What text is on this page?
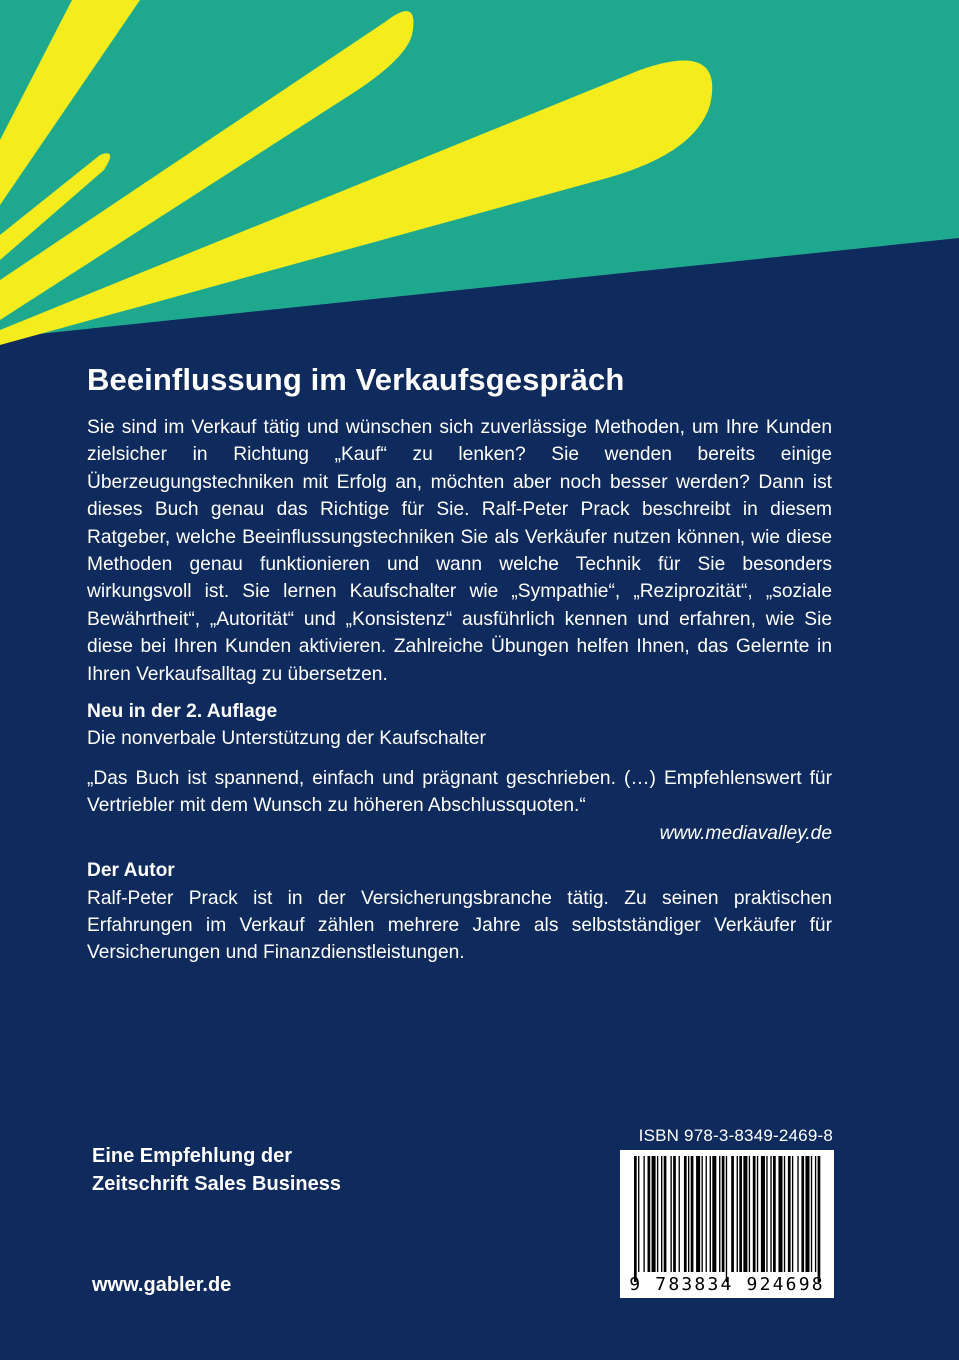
Beeinflussung im Verkaufsgespräch

Sie sind im Verkauf tätig und wünschen sich zuverlässige Methoden, um Ihre Kunden zielsicher in Richtung „Kauf“ zu lenken? Sie wenden bereits einige Überzeugungstechniken mit Erfolg an, möchten aber noch besser werden? Dann ist dieses Buch genau das Richtige für Sie. Ralf-Peter Prack beschreibt in diesem Ratgeber, welche Beeinflussungstechniken Sie als Verkäufer nutzen können, wie diese Methoden genau funktionieren und wann welche Technik für Sie besonders wirkungsvoll ist. Sie lernen Kaufschalter wie „Sympathie“, „Reziprozität“, „soziale Bewährtheit“, „Autorität“ und „Konsistenz“ ausführlich kennen und erfahren, wie Sie diese bei Ihren Kunden aktivieren. Zahlreiche Übungen helfen Ihnen, das Gelernte in Ihren Verkaufsalltag zu übersetzen.

Neu in der 2. Auflage

Die nonverbale Unterstützung der Kaufschalter

„Das Buch ist spannend, einfach und prägnant geschrieben. (…) Empfehlenswert für Vertriebler mit dem Wunsch zu höheren Abschlussquoten.“

www.mediavalley.de

Der Autor

Ralf-Peter Prack ist in der Versicherungsbranche tätig. Zu seinen praktischen Erfahrungen im Verkauf zählen mehrere Jahre als selbstständiger Verkäufer für Versicherungen und Finanzdienstleistungen.

Eine Empfehlung der
Zeitschrift Sales Business
www.gabler.de
ISBN 978-3-8349-2469-8
9 783834 924698
